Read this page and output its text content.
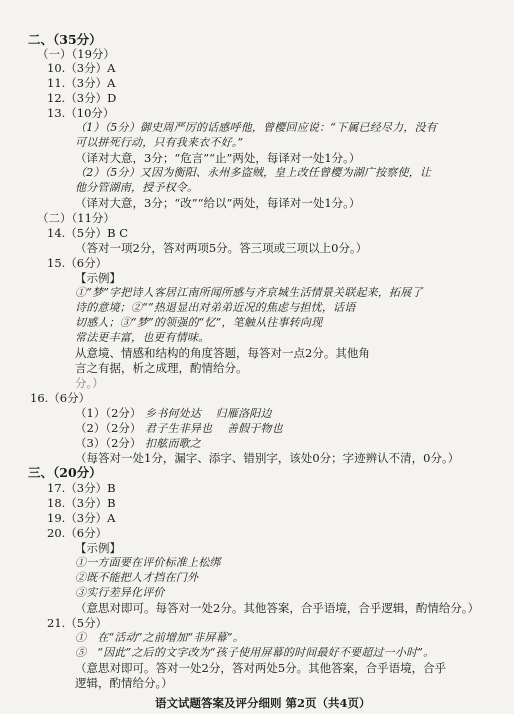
二、（35分）
（一）（19分）
10.（3分）A
11.（3分）A
12.（3分）D
13.（10分）
（1）（5分）御史周严厉的话感呼他，曾樱回应说：“下属已经尽力，没有
可以拼死行动，只有我来衣不好。”
（译对大意，3分；“危言”“止”两处，每译对一处1分。）
（2）（5分）又因为衡阳、永州多盗贼，皇上改任曾樱为湖广按察使，让
他分管湖南，授予权令。
（译对大意，3分；“改”“给以”两处，每译对一处1分。）
（二）（11分）
14.（5分）B C
（答对一项2分，答对两项5分。答三项或三项以上0分。）
15.（6分）
【示例】
①“梦”字把诗人客居江南所闻所感与齐京城生活情景关联起来，拓展了
诗的意境；②“”热退显出对弟弟近况的焦虑与担忧，话语
切感人；③“梦”的领强的“忆”，笔触从往事转向现
常法更丰富，也更有情味。
从意境、情感和结构的角度答题，每答对一点2分。其他角
言之有据，析之成理，酌情给分。
分。）
16.（6分）
（1）（2分） 乡书何处达 归雁洛阳边
（2）（2分） 君子生非异也 善假于物也
（3）（2分） 扣舷而歌之
（每答对一处1分，漏字、添字、错别字，该处0分；字迹辨认不清，0分。）
三、（20分）
17.（3分）B
18.（3分）B
19.（3分）A
20.（6分）
【示例】
①一方面要在评价标准上松绑
②既不能把人才挡在门外
③实行差异化评价
（意思对即可。每答对一处2分。其他答案，合乎语境，合乎逻辑，酌情给分。）
21.（5分）
①　在“活动”之前增加“非屏幕”。
⑤　“因此”之后的文字改为“孩子使用屏幕的时间最好不要超过一小时”。
（意思对即可。答对一处2分，答对两处5分。其他答案，合乎语境，合乎
逻辑，酌情给分。）
语文试题答案及评分细则 第2页（共4页）
